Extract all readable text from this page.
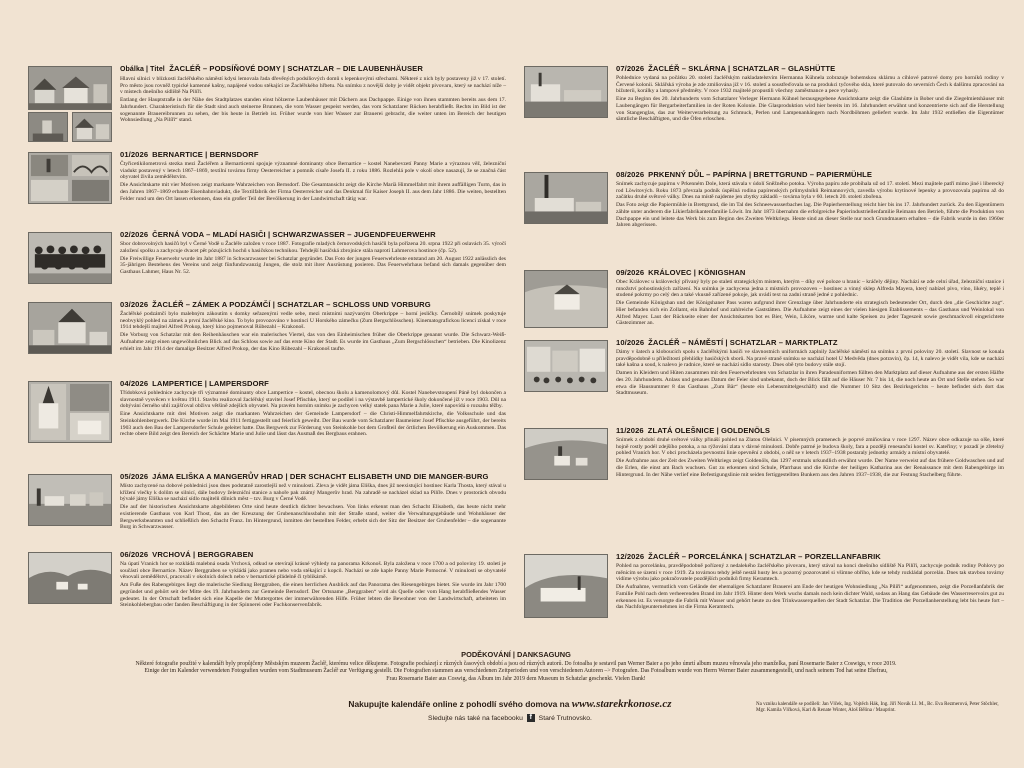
Obálka | Titel ŽACLÉŘ – PODSÍŇOVÉ DOMY | SCHATZLAR – DIE LAUBENHÄUSER

Hlavní silnici v blízkosti žacléřského náměstí kdysi lemovala řada dřevěných podsíňových domů s lepenkovými střechami. Některé z nich byly postaveny již v 17. století. Pro město jsou rovněž typické kamenné kašny, napájené vodou stékající ze Žacléřského hřbetu. Na snímku z novější doby je vidět objekt pivovaru, který se nachází níže – v místech dnešního sídliště Na Pilíři.

Entlang der Hauptstraße in der Nähe des Stadtplatzes standen einst hölzerne Laubenhäuser mit Dächern aus Dachpappe. Einige von ihnen stammten bereits aus dem 17. Jahrhundert. Charakteristisch für die Stadt sind auch steinerne Brunnen, die vom Wasser gespeist werden, das vom Schatzlarer Rücken herabfließt. Rechts im Bild ist der sogenannte Brauereibrunnen zu sehen, der bis heute in Betrieb ist. Früher wurde von hier Wasser zur Brauerei gebracht, die weiter unten im Bereich der heutigen Wohnsiedlung „Na Pilíři“ stand.

01/2026 BERNARTICE | BERNSDORF

Čtyřicetikilometrová stezka mezi Žacléřem a Bernarticemi spojuje významné dominanty obce Bernartice – kostel Nanebevzetí Panny Marie a výraznou věž, železniční viadukt postavený v letech 1867–1869, textilní továrnu firmy Oesterreicher a pomník císaře Josefa II. z roku 1886. Rozlehlá pole v okolí obce nasazují, že se značná část obyvatel živila zemědělstvím.

Die Ansichtskarte mit vier Motiven zeigt markante Wahrzeichen von Bernsdorf. Die Gesamtansicht zeigt die Kirche Mariä Himmelfahrt mit ihrem auffälligen Turm, das in den Jahren 1867–1869 erbaute Eisenbahnviadukt, die Textilfabrik der Firma Oesterreicher und das Denkmal für Kaiser Joseph II. aus dem Jahr 1886. Die weiten, bestellten Felder rund um den Ort lassen erkennen, dass ein großer Teil der Bevölkerung in der Landwirtschaft tätig war.

02/2026 ČERNÁ VODA – MLADÍ HASIČI | SCHWARZWASSER – JUGENDFEUERWEHR

Sbor dobrovolných hasičů byl v Černé Vodě u Žacléře založen v roce 1887. Fotografie mladých černovodských hasičů byla pořízena 20. srpna 1922 při oslavách 35. výročí založení spolku a zachycuje dvacet pět pózujících hochů s hasičskou technikou. Tehdejší hasičská zbrojnice stála naproti Lahmerova hostince (čp. 52).

Die Freiwillige Feuerwehr wurde im Jahr 1887 in Schwarzwasser bei Schatzlar gegründet. Das Foto der jungen Feuerwehrleute entstand am 20. August 1922 anlässlich des 35-jährigen Bestehens des Vereins und zeigt fünfundzwanzig Jungen, die stolz mit ihrer Ausrüstung posieren. Das Feuerwehrhaus befand sich damals gegenüber dem Gasthaus Lahmer, Haus Nr. 52.

03/2026 ŽACLÉŘ – ZÁMEK A PODZÁMČÍ | SCHATZLAR – SCHLOSS UND VORBURG

Žacléřské podzámčí bylo malebným zákoutím s domky seřazenými vedle sebe, mezi místními nazývaným Oberkrippe – horní jesličky. Černobílý snímek poskytuje neobvyklý pohled na zámek a první žacléřské kino. To bylo provozováno v hostinci U Horského zámečku (Zum Bergschlösschen). Kinematografickou licenci získal v roce 1914 tehdejší majitel Alfred Prokop, který kino pojmenoval Rübezahl – Krakonoš.

Die Vorburg von Schatzlar mit den Reihenhäuschen war ein malerisches Viertel, das von den Einheimischen früher die Oberkrippe genannt wurde. Die Schwarz-Weiß-Aufnahme zeigt einen ungewöhnlichen Blick auf das Schloss sowie auf das erste Kino der Stadt. Es wurde im Gasthaus „Zum Bergschlösschen“ betrieben. Die Kinolizenz erhielt im Jahr 1914 der damalige Besitzer Alfred Prokop, der das Kino Rübezahl – Krakonoš taufte.

04/2026 LAMPERTICE | LAMPERSDORF

Třídobková pohlednice zachycuje tři významné dominanty obce Lampertice – kostel, obecnou školu a kamenolomový důl. Kostel Nanebevstoupení Páně byl dokončen a slavnostně vysvěcen v květnu 1911. Stavbu realizoval žacléřský stavitel Josef Pfischke, který se podílel i na výstavbě lampertické školy dokončené již v roce 1903. Důl na dobývání černého uhlí zajišťoval obživu většině zdejších obyvatel. Na pravém horním snímku je zachycen velký statek pana Marie a Julie, které napovídá o rozsahu těžby.

Eine Ansichtskarte mit drei Motiven zeigt die markanten Wahrzeichen der Gemeinde Lampersdorf – die Christi-Himmelfahrtskirche, die Volksschule und das Steinkohlenbergwerk. Die Kirche wurde im Mai 1911 fertiggestellt und feierlich geweiht. Der Bau wurde vom Schatzlarer Baumeister Josef Pfischke ausgeführt, der bereits 1903 auch den Bau der Lampersdorfer Schule geleitet hatte. Das Bergwerk zur Förderung von Steinkohle bot dem Großteil der örtlichen Bevölkerung ein Auskommen. Das rechte obere Bild zeigt den Bereich der Schächte Marie und Julie und lässt das Ausmaß des Bergbaus erahnen.

05/2026 JÁMA ELIŠKA A MANGERŮV HRAD | DER SCHACHT ELISABETH UND DIE MANGER-BURG

Místo zachycené na dobové pohlednici jsou dnes podstatně zarostlejší než v minulosti. Zleva je vidět jáma Eliška, dnes již neexistující hostinec Karla Thosta, který stával u křížení vlečky k dolům se silnicí, dále budovy železniční stanice a nahoře pak známý Mangerův hrad. Na zahradě se nacházel sklad na Pilíře. Dnes v prostorách obvodu bývalé jámy Eliška se nachází sídlo majitelů dílních měst – tzv. Burg v Černé Vodě.

Die auf der historischen Ansichtskarte abgebildeten Orte sind heute deutlich dichter bewachsen. Von links erkennt man den Schacht Elisabeth, das heute nicht mehr existierende Gasthaus von Karl Thost, das an der Kreuzung der Grubenanschlussbahn mit der Straße stand, weiter die Verwaltungsgebäude und Wohnhäuser der Bergwerksbeamten und schließlich den Schacht Franz. Im Hintergrund, inmitten der bestellten Felder, erhebt sich der Sitz der Besitzer der Grubenfelder – die sogenannte Burg in Schwarzwasser.

06/2026 VRCHOVÁ | BERGGRABEN

Na úpatí Vraních hor se rozkládá malebná osada Vrchová, odkud se otevírají krásné výhledy na panorama Krkonoš. Byla založena v roce 1700 a od poloviny 19. století je součástí obce Bernartice. Název Berggraben se vykládá jako pramen nebo voda stékající z kopců. Nachází se zde kaple Panny Marie Pomocné. V minulosti se obyvatelé věnovali zemědělství, pracovali v okolních dolech nebo v bernartické přádelně či tyblikárně.

Am Fuße des Rabengebirges liegt die malerische Siedlung Berggraben, die einen herrlichen Ausblick auf das Panorama des Riesengebirges bietet. Sie wurde im Jahr 1700 gegründet und gehört seit der Mitte des 19. Jahrhunderts zur Gemeinde Bernsdorf. Der Ortsname „Berggraben“ wird als Quelle oder vom Hang herabfließendes Wasser gedeutet. In der Ortschaft befindet sich eine Kapelle der Muttergottes der immerwährenden Hilfe. Früher lebten die Bewohner von der Landwirtschaft, arbeiteten im Steinkohlebergbau oder fanden Beschäftigung in der Spinnerei oder Fuchkonservenfabrik.

07/2026 ŽACLÉŘ – SKLÁRNA | SCHATZLAR – GLASHÜTTE

Pohlednice vydaná na počátku 20. století žacléřským nakladatelstvím Hermanna Kühnela zobrazuje bohemskou sklárnu a cihlové patrové domy pro horníků rodiny v Červené kolonii. Sklářská výroba je zde zmiňována již v 16. století a soustřeďovala se na produkci tyčového skla, které putovalo do severních Čech k dalšímu zpracování na bižuterii, korálky a lampové předměty. V roce 1932 majitelé propustili všechny zaměstnance a pece vyhasly.

Eine zu Beginn des 20. Jahrhunderts vom Schatzlarer Verleger Hermann Kühnel herausgegebene Ansichtskarte zeigt die Glashütte in Bober und die Ziegelmietshäuser mit Laubengängen für Bergarbeiterfamilien in der Roten Kolonie. Die Glasproduktion wird hier bereits im 16. Jahrhundert erwähnt und konzentrierte sich auf die Herstellung von Stangenglas, das zur Weiterverarbeitung zu Schmuck, Perlen und Lampenanhängern nach Nordböhmen geliefert wurde. Im Jahr 1932 entließen die Eigentümer sämtliche Beschäftigten, und die Öfen erloschen.

08/2026 PRKENNÝ DŮL – PAPÍRNA | BRETTGRUND – PAPIERMÜHLE

Snímek zachycuje papírnu v Prkenném Dole, která stávala v údolí Sněžného potoka. Výroba papíru zde probíhala už od 17. století. Mezi majitele patří mimo jiné i liberecký rod Löwitových. Roku 1873 převzala podnik úspěšná rodina papírenských průmyslníků Reimannových, zavedla výrobu krytinové lepenky a provozovala papírnu až do začátku druhé světové války. Dnes na místě najdeme jen zbytky základů – továrna byla v 60. letech 20. století zbořena.

Das Foto zeigt die Papiermühle in Brettgrund, die im Tal des Schneewassserbaches lag. Die Papierherstellung reicht hier bis ins 17. Jahrhundert zurück. Zu den Eigentümern zählte unter anderem die Likierfabrikantenfamilie Löwit. Im Jahr 1873 übernahm die erfolgreiche Papierindustriellenfamilie Reimann den Betrieb, führte die Produktion von Dachpappe ein und leitete das Werk bis zum Beginn des Zweiten Weltkriegs. Heute sind an dieser Stelle nur noch Grundmauern erhalten – die Fabrik wurde in den 1960er Jahren abgerissen.

09/2026 KRÁLOVEC | KÖNIGSHAN

Obec Královec u královecký přívaný byly po staletí strategickým místem, kterým – díky své poloze u hranic – kráčely dějiny. Nachází se zde celní úřad, železniční stanice i množství pohostinských zařízení. Na snímku je zachycena jedna z místních provozoven – hostinec a vinný sklep Alfreda Mayera, který nabízel pivo, víno, likéry, teplé i studené pokrmy po celý den a také vkusně zařízené pokoje, jak uvádí text na zadní straně jedné z pohlednic.

Die Gemeinde Königshan und der Königshaner Pass waren aufgrund ihrer Grenzlage über Jahrhunderte ein strategisch bedeutender Ort, durch den „die Geschichte zog“. Hier befanden sich ein Zollamt, ein Bahnhof und zahlreiche Gaststätten. Die Aufnahme zeigt eines der vielen hiesigen Etablissements – das Gasthaus und Weinlokal von Alfred Mayer. Laut der Rückseite einer der Ansichtskarten bot es Bier, Wein, Liköre, warme und kalte Speisen zu jeder Tageszeit sowie geschmackvoll eingerichtete Gästezimmer an.

10/2026 ŽACLÉŘ – NÁMĚSTÍ | SCHATZLAR – MARKTPLATZ

Dámy v šatech a kloboucích spolu s žacléřskými hasiči ve slavnostních uniformách zaplnily žacléřské náměstí na snímku z první poloviny 20. století. Slavnost se konala pravděpodobně u příležitosti přehlídky hasičských sborů. Na pravé straně snímku se nachází hotel U Medvěda (dnes potravin), čp. 14, k nalevo je vidět vila, kde se nachází také kašna a soud, k nalevo je radnice, které se nachází sídlo starosty. Dnes obě tyto budovy stále stojí.

Damen in Kleidern und Hüten zusammen mit den Feuerwehrleuten von Schatzlar in ihren Paradeuniformen füllten den Marktplatz auf dieser Aufnahme aus der ersten Hälfte des 20. Jahrhunderts. Anlass und genaues Datum der Feier sind unbekannt, doch der Blick fällt auf die Häuser Nr. 7 bis 14, die noch heute an Ort und Stelle stehen. So war etwa die Hausnummer 8 das Gasthaus „Zum Bär“ (heute ein Lebensmittelgeschäft) und die Nummer 10 Sitz des Bezirksgerichts – heute befindet sich dort das Stadtmuseum.

11/2026 ZLATÁ OLEŠNICE | GOLDENÖLS

Snímek z období druhé světové války přináší pohled na Zlatou Olešnici. V písemných pramenech je poprvé zmiňována v roce 1297. Název obce odkazuje na olše, které hojně rostly podél zdejšího potoka, a na rýžování zlata v dávné minulosti. Dobře patrné je budova školy, fara a později renesanční kostel sv. Kateřiny; v pozadí je zřetelný pohled Vraních hor. V obci procházela pevnostní linie opevnění z období, o něž se v letech 1937–1938 postaraly jednotky armády a místní obyvatelé.

Die Aufnahme aus der Zeit des Zweiten Weltkriegs zeigt Goldenöls, das 1297 erstmals urkundlich erwähnt wurde. Der Name verweist auf das frühere Goldwaschen und auf die Erlen, die einst am Bach wuchsen. Gut zu erkennen sind Schule, Pfarrhaus und die Kirche der heiligen Katharina aus der Renaissance mit dem Rabengebirge im Hintergrund. In der Nähe verlief eine Befestigungslinie mit seiden fertiggestellten Bunkern aus den Jahren 1937–1938, die zur Festung Stachelberg führte.

12/2026 ŽACLÉŘ – PORCELÁNKA | SCHATZLAR – PORZELLANFABRIK

Pohled na porcelánku, pravděpodobně pořízený z nedalekého žacléřského pivovaru, který stával na konci dnešního sídliště Na Pilíři, zachycuje podnik rodiny Pohlovy po měnícím se území v roce 1919. Za továrnou tehdy ještě nestál husty les a pozorný pozorovatel si všimne obřího, kde se tehdy rozkládal porcelán. Dnes tak stavbou továrny vidíme výrobu jako pokračovatele pozdějších podniků firmy Keramtech.

Die Aufnahme, vermutlich vom Gelände der ehemaligen Schatzlarer Brauerei am Ende der heutigen Wohnsiedlung „Na Pilíři“ aufgenommen, zeigt die Porzellanfabrik der Familie Pohl nach dem verheerenden Brand im Jahr 1919. Hinter dem Werk wuchs damals noch kein dichter Wald, sodass an Hang das Gebäude des Wasserreservoirs gut zu erkennen ist. Es versorgte die Fabrik mit Wasser und gehört heute zu den Trinkwasserquellen der Stadt Schatzlar. Die Tradition der Porzellanherstellung lebt bis heute fort – das Nachfolgeunternehmen ist die Firma Keramtech.

PODĚKOVÁNÍ | DANKSAGUNG

Některé fotografie použité v kalendáři byly propůjčeny Městským muzeem Žacléř, kterému velice děkujeme. Fotografie pocházejí z různých časových období a jsou od různých autorů. Do fotoalba je sestavil pan Werner Baier a po jeho úmrtí album muzeu věnovala jeho manželka, paní Rosemarie Baier z Coswigu, v roce 2019.

Einige der im Kalender verwendeten Fotografien wurden vom Stadtmuseum Žacléř zur Verfügung gestellt. Die Fotografien stammen aus verschiedenen Zeitperioden und von verschiedenen Autoren –> Fotografen. Das Fotoalbum wurde von Herrn Werner Baier zusammengestellt, und nach seinem Tod hat seine Ehefrau,

Frau Rosemarie Baier aus Coswig, das Album im Jahr 2019 dem Museum in Schatzlar geschenkt. Vielen Dank!

Nakupujte kalendáře online z pohodlí svého domova na www.starekrkonose.cz

Sledujte nás také na facebooku f Staré Trutnovsko.

Na vzniku kalendáře se podíleli: Jan Vlček, Ing. Vojtěch Hák, Ing. Jiří Novák Ll. M., Bc. Eva Rezmerová, Peter Stöchler, Mgr. Kamila Vlčková, Karl & Renate Winter, Aloš Bělina / Mauprint.
